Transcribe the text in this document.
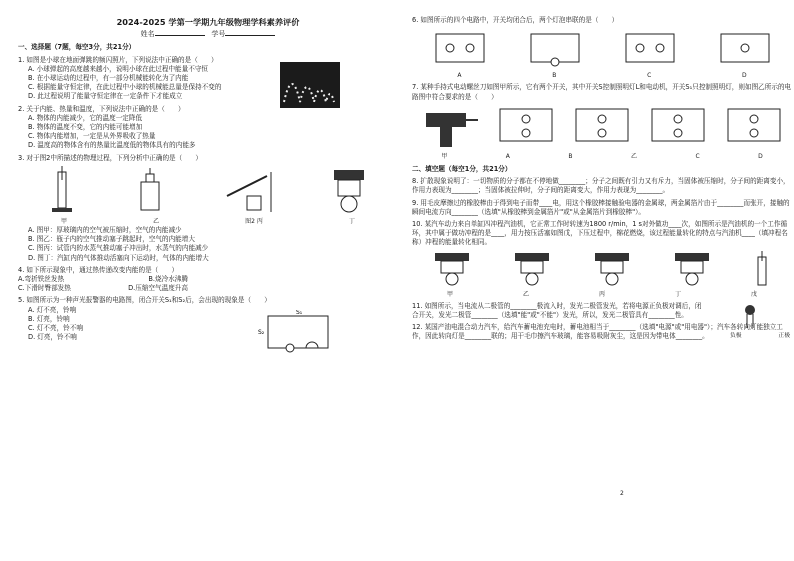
2024-2025 学第一学期九年级物理学科素养评价
姓名	学号
一、选择题（7题，每空3分，共21分）
1. 如图是小球在地面弹跳的频闪照片，下列说法中正确的是（　　）
A. 小球弹起的高度越来越小，说明小球在此过程中能量不守恒
B. 在小球运动的过程中，有一部分机械能转化为了内能
C. 根据能量守恒定律，在此过程中小球的机械能总量是保持不变的
D. 此过程说明了能量守恒定律在一定条件下才能成立
2. 关于内能、热量和温度，下列说法中正确的是（　　）
A. 物体的内能减少，它的温度一定降低
B. 物体的温度不变，它的内能可能增加
C. 物体内能增加，一定是从外界吸收了热量
D. 温度高的物体含有的热量比温度低的物体具有的内能多
3. 对于图2中所描述的物理过程，下列分析中正确的是（　　）
甲	乙	图2 丙	丁
A. 图甲：厚玻璃内的空气被压缩时，空气的内能减少
B. 图乙：瓶子内的空气推动塞子跳起时，空气的内能增大
C. 图丙：试管内的水蒸气推动塞子冲出时，水蒸气的内能减少
D. 图丁：汽缸内的气体推动活塞向下运动时，气体的内能增大
4. 如下所示现象中，通过热传递改变内能的是（　　）
A.弯折铁丝发热	B.烧冷水沸腾
C.下滑时臀部发热	D.压缩空气温度升高
5. 如图所示为一种声光报警器的电路图，闭合开关S₁和S₂后，会出现的现象是（　　）
A. 灯不亮，铃响
B. 灯亮，铃响
C. 灯不亮，铃不响
D. 灯亮，铃不响
S₁
S₂
6. 如图所示的四个电路中，开关均闭合后，两个灯泡串联的是（　　）
A	B	C	D
7. 某种手持式电动螺丝刀如图甲所示，它有两个开关，其中开关S控制照明灯L和电动机，开关S₁只控制照明灯，则如图乙所示的电路图中符合要求的是（　　）
甲	A	B	乙	C	D
二、填空题（每空1分，共21分）
8. 扩散现象说明了：一切物质的分子都在不停地做________；分子之间既有引力又有斥力，当固体被压缩时，分子间的距离变小，作用力表现为________；当固体被拉伸时，分子间的距离变大，作用力表现为________。
9. 用毛皮摩擦过的橡胶棒由于得到电子而带____电，用这个橡胶棒接触验电器的金属球，两金属箔片由于________而张开，接触的瞬间电流方向________（选填"从橡胶棒到金属箔片"或"从金属箔片到橡胶棒"）。
10. 某汽车动力来自单缸四冲程汽油机，它正常工作时转速为1800 r/min，1 s对外做功____次，如图所示是汽油机的一个工作循环，其中属于做功冲程的是____，用力按压活塞如图戊，下压过程中，棉花燃烧，该过程能量转化的特点与汽油机____（填冲程名称）冲程的能量转化相同。
甲	乙	丙	丁	戊
11. 如图所示，当电流从二极管的________极流入时，发光二极管发光，若将电源正负极对调后，闭合开关，发光二极管________（选填"能"或"不能"）发光，所以，发光二极管具有________性。
负极	正极
12. 某国产油电混合动力汽车，给汽车蓄电池充电时，蓄电池相当于________（选填"电源"或"用电器"）；汽车各转向灯能独立工作，因此转向灯是________联的；用干毛巾擦汽车玻璃，能容易吸附灰尘，这是因为带电体________。
2
